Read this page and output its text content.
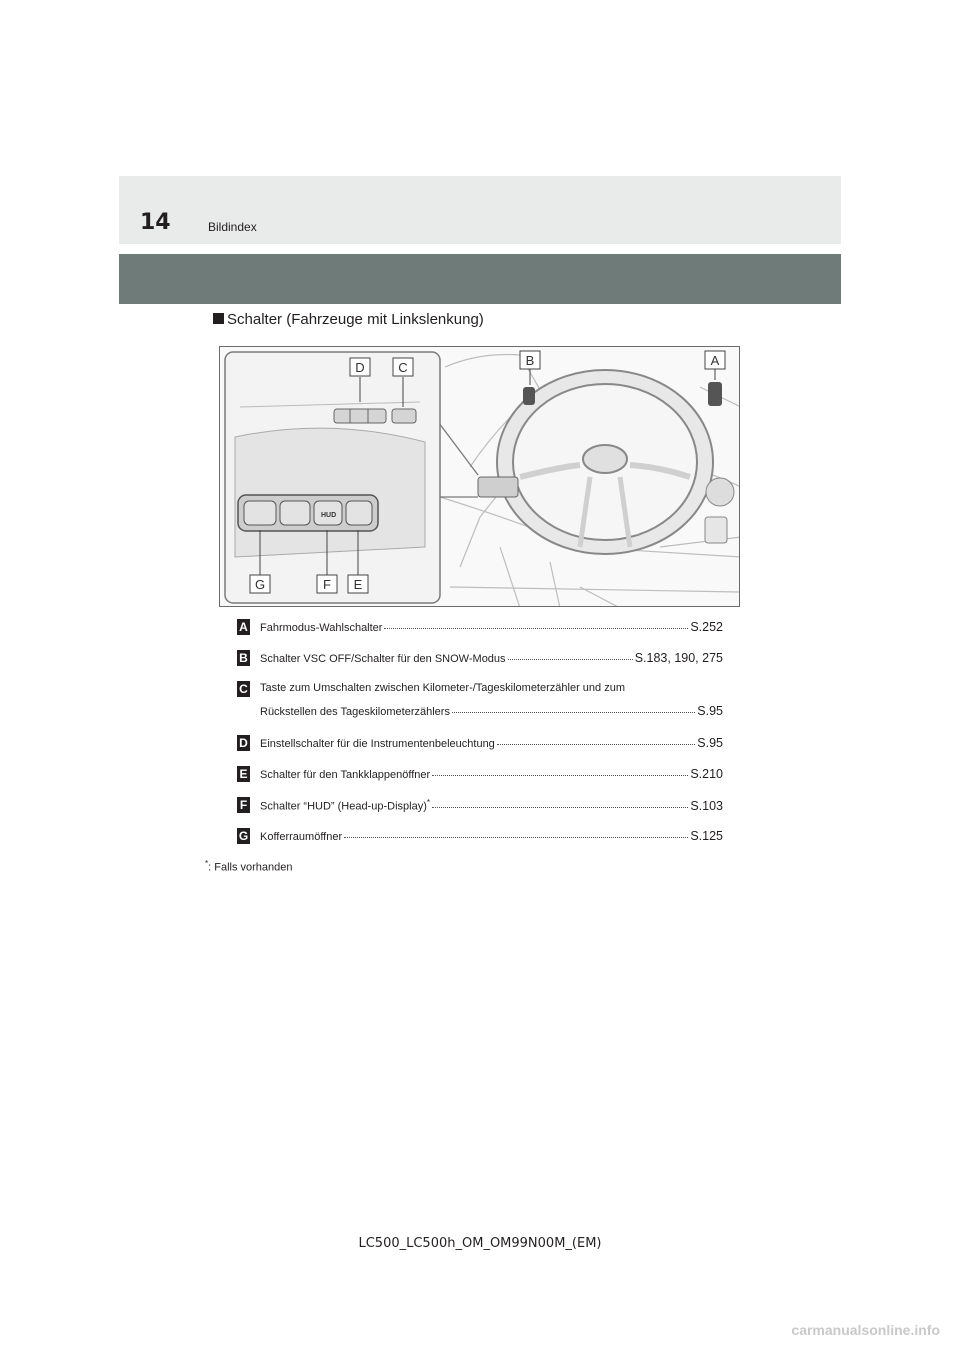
14	Bildindex
Schalter (Fahrzeuge mit Linkslenkung)
HUD
D	C	B	A
G	F E
A Fahrmodus-Wahlschalter	S.252
B Schalter VSC OFF/Schalter für den SNOW-Modus	S.183, 190, 275
C Taste zum Umschalten zwischen Kilometer-/Tageskilometerzähler und zum
Rückstellen des Tageskilometerzählers	S.95
D Einstellschalter für die Instrumentenbeleuchtung	S.95
E Schalter für den Tankklappenöffner	S.210
F Schalter “HUD” (Head-up-Display)*	S.103
G Kofferraumöffner	S.125
*: Falls vorhanden
LC500_LC500h_OM_OM99N00M_(EM)
carmanualsonline.info
